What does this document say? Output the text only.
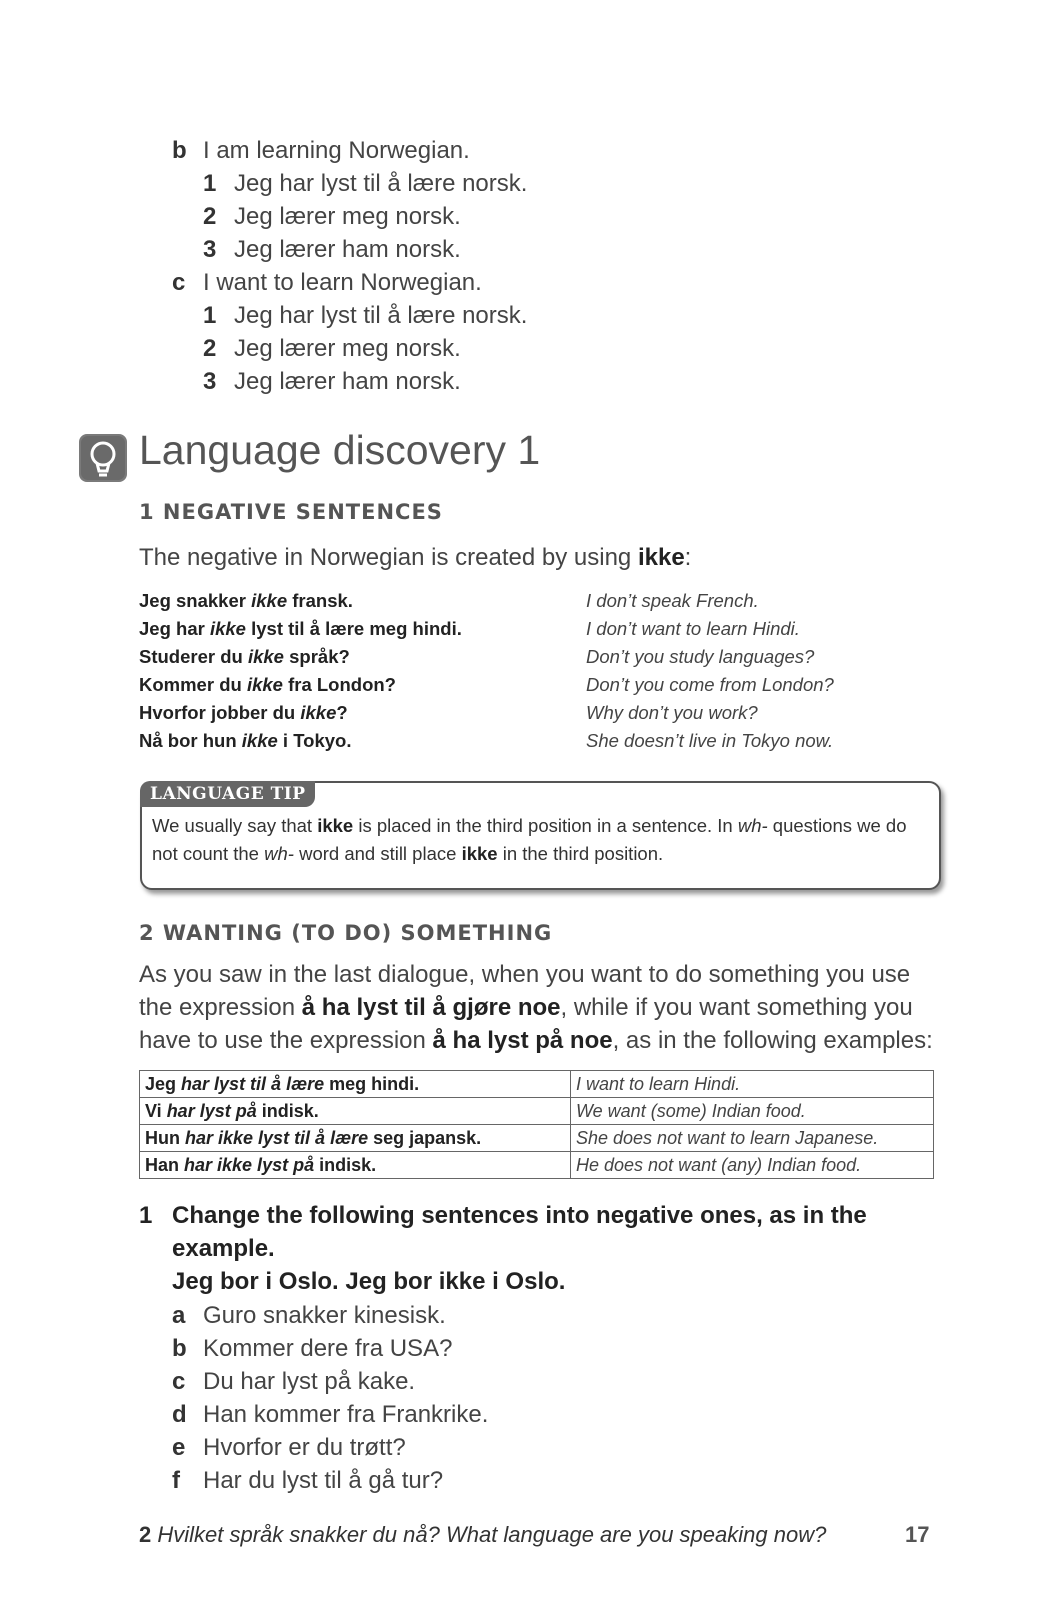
b I am learning Norwegian.
1 Jeg har lyst til å lære norsk.
2 Jeg lærer meg norsk.
3 Jeg lærer ham norsk.
c I want to learn Norwegian.
1 Jeg har lyst til å lære norsk.
2 Jeg lærer meg norsk.
3 Jeg lærer ham norsk.
Language discovery 1
1 NEGATIVE SENTENCES
The negative in Norwegian is created by using ikke:
Jeg snakker ikke fransk.	I don’t speak French.
Jeg har ikke lyst til å lære meg hindi.	I don’t want to learn Hindi.
Studerer du ikke språk?	Don’t you study languages?
Kommer du ikke fra London?	Don’t you come from London?
Hvorfor jobber du ikke?	Why don’t you work?
Nå bor hun ikke i Tokyo.	She doesn’t live in Tokyo now.
LANGUAGE TIP
We usually say that ikke is placed in the third position in a sentence. In wh- questions we do not count the wh- word and still place ikke in the third position.
2 WANTING (TO DO) SOMETHING
As you saw in the last dialogue, when you want to do something you use the expression å ha lyst til å gjøre noe, while if you want something you have to use the expression å ha lyst på noe, as in the following examples:
Jeg har lyst til å lære meg hindi.	I want to learn Hindi.
Vi har lyst på indisk.	We want (some) Indian food.
Hun har ikke lyst til å lære seg japansk.	She does not want to learn Japanese.
Han har ikke lyst på indisk.	He does not want (any) Indian food.
1 Change the following sentences into negative ones, as in the
example.
Jeg bor i Oslo. Jeg bor ikke i Oslo.
a Guro snakker kinesisk.
b Kommer dere fra USA?
c Du har lyst på kake.
d Han kommer fra Frankrike.
e Hvorfor er du trøtt?
f Har du lyst til å gå tur?
2 Hvilket språk snakker du nå? What language are you speaking now?	17
